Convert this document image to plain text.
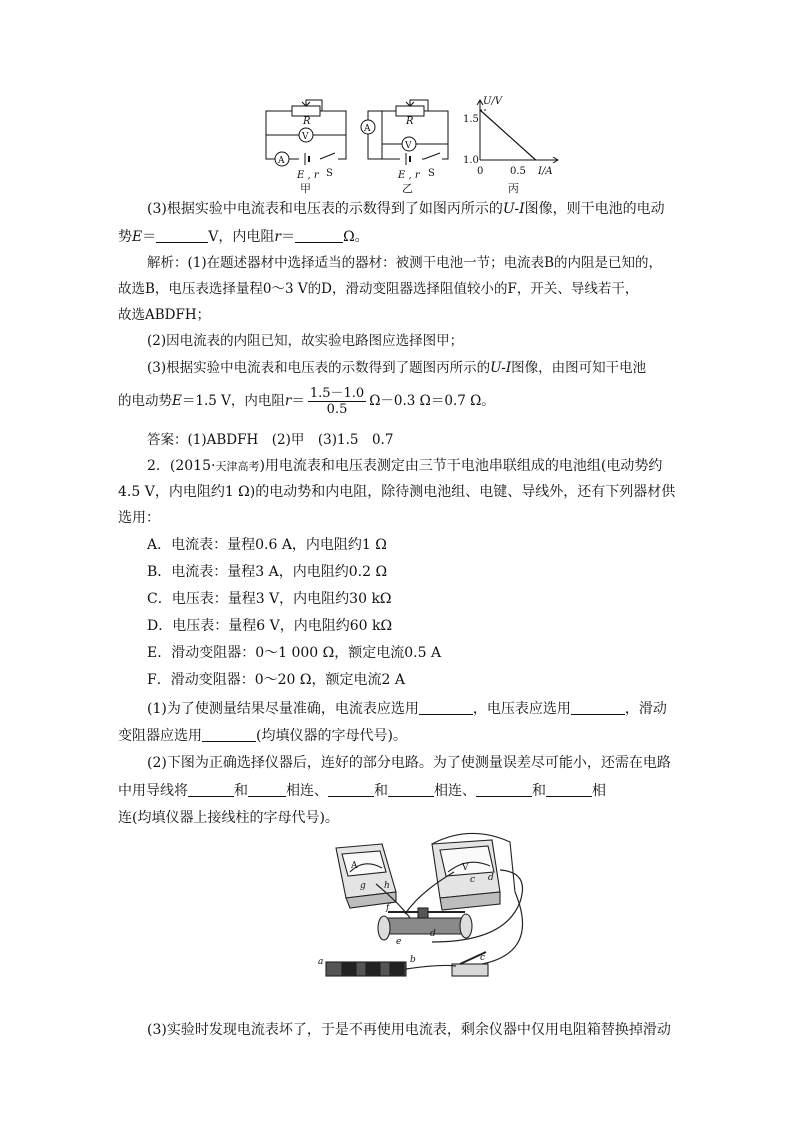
R
V
A
E , r S
甲
R
A
V
E , r S
乙
U/V
1.5
1.0
0	0.5 I/A
丙
(3)根据实验中电流表和电压表的示数得到了如图丙所示的U-I图像，则干电池的电动
势E＝	V，内电阻r＝	Ω。
解析：(1)在题述器材中选择适当的器材：被测干电池一节；电流表B的内阻是已知的，
故选B，电压表选择量程0～3 V的D，滑动变阻器选择阻值较小的F，开关、导线若干，
故选ABDFH；
(2)因电流表的内阻已知，故实验电路图应选择图甲；
(3)根据实验中电流表和电压表的示数得到了题图丙所示的U-I图像，由图可知干电池
的电动势E＝1.5 V，内电阻$r= \frac{1.5-1.0}{0.5} \Omega-0.3$ Ω＝0.7 Ω。
答案：(1)ABDFH　(2)甲　(3)1.5　0.7
2．(2015·天津高考)用电流表和电压表测定由三节干电池串联组成的电池组(电动势约
4.5 V，内电阻约1 Ω)的电动势和内电阻，除待测电池组、电键、导线外，还有下列器材供
选用：
A．电流表：量程0.6 A，内电阻约1 Ω
B．电流表：量程3 A，内电阻约0.2 Ω
C．电压表：量程3 V，内电阻约30 kΩ
D．电压表：量程6 V，内电阻约60 kΩ
E．滑动变阻器：0～1 000 Ω，额定电流0.5 A
F．滑动变阻器：0～20 Ω，额定电流2 A
(1)为了使测量结果尽量准确，电流表应选用	，电压表应选用	，滑动
变阻器应选用	(均填仪器的字母代号)。
(2)下图为正确选择仪器后，连好的部分电路。为了使测量误差尽可能小，还需在电路
中用导线将	和	相连、	和	相连、	和	相
连(均填仪器上接线柱的字母代号)。
A
g h
V
c d
e
f
d
a	b	c
(3)实验时发现电流表坏了，于是不再使用电流表，剩余仪器中仅用电阻箱替换掉滑动
